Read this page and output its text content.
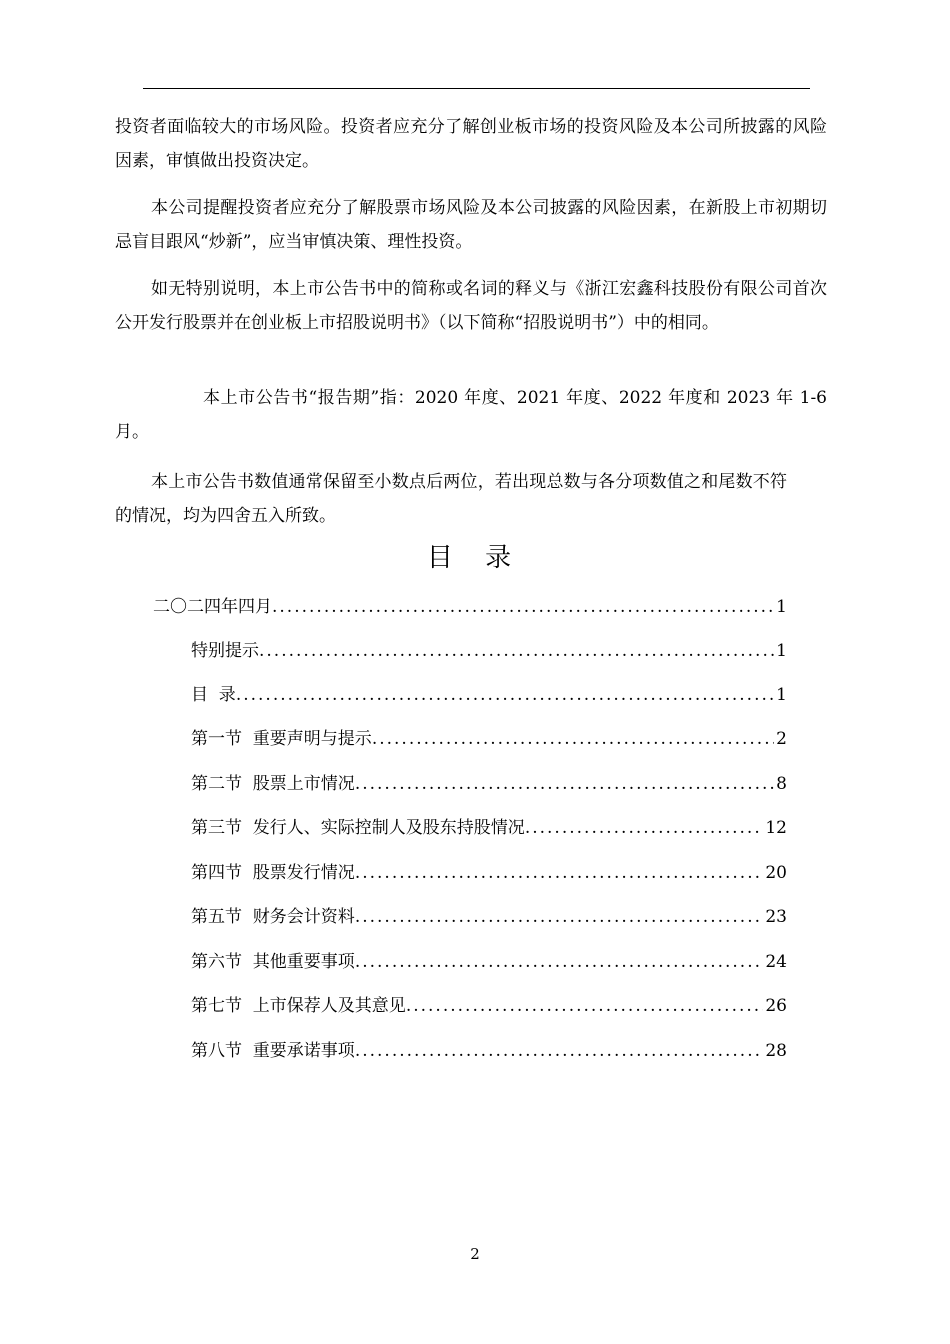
投资者面临较大的市场风险。投资者应充分了解创业板市场的投资风险及本公司所披露的风险因素，审慎做出投资决定。

本公司提醒投资者应充分了解股票市场风险及本公司披露的风险因素，在新股上市初期切忌盲目跟风“炒新”，应当审慎决策、理性投资。

如无特别说明，本上市公告书中的简称或名词的释义与《浙江宏鑫科技股份有限公司首次公开发行股票并在创业板上市招股说明书》（以下简称“招股说明书”）中的相同。

本上市公告书“报告期”指：2020 年度、2021 年度、2022 年度和 2023 年 1-6 月。

本上市公告书数值通常保留至小数点后两位，若出现总数与各分项数值之和尾数不符的情况，均为四舍五入所致。

目 录
二〇二四年四月 .....	1
特别提示 .....	1
目  录 .....	1
第一节  重要声明与提示 .....	2
第二节  股票上市情况 .....	8
第三节  发行人、实际控制人及股东持股情况 .....	12
第四节  股票发行情况 .....	20
第五节  财务会计资料 .....	23
第六节  其他重要事项 .....	24
第七节  上市保荐人及其意见 .....	26
第八节  重要承诺事项 .....	28
2
